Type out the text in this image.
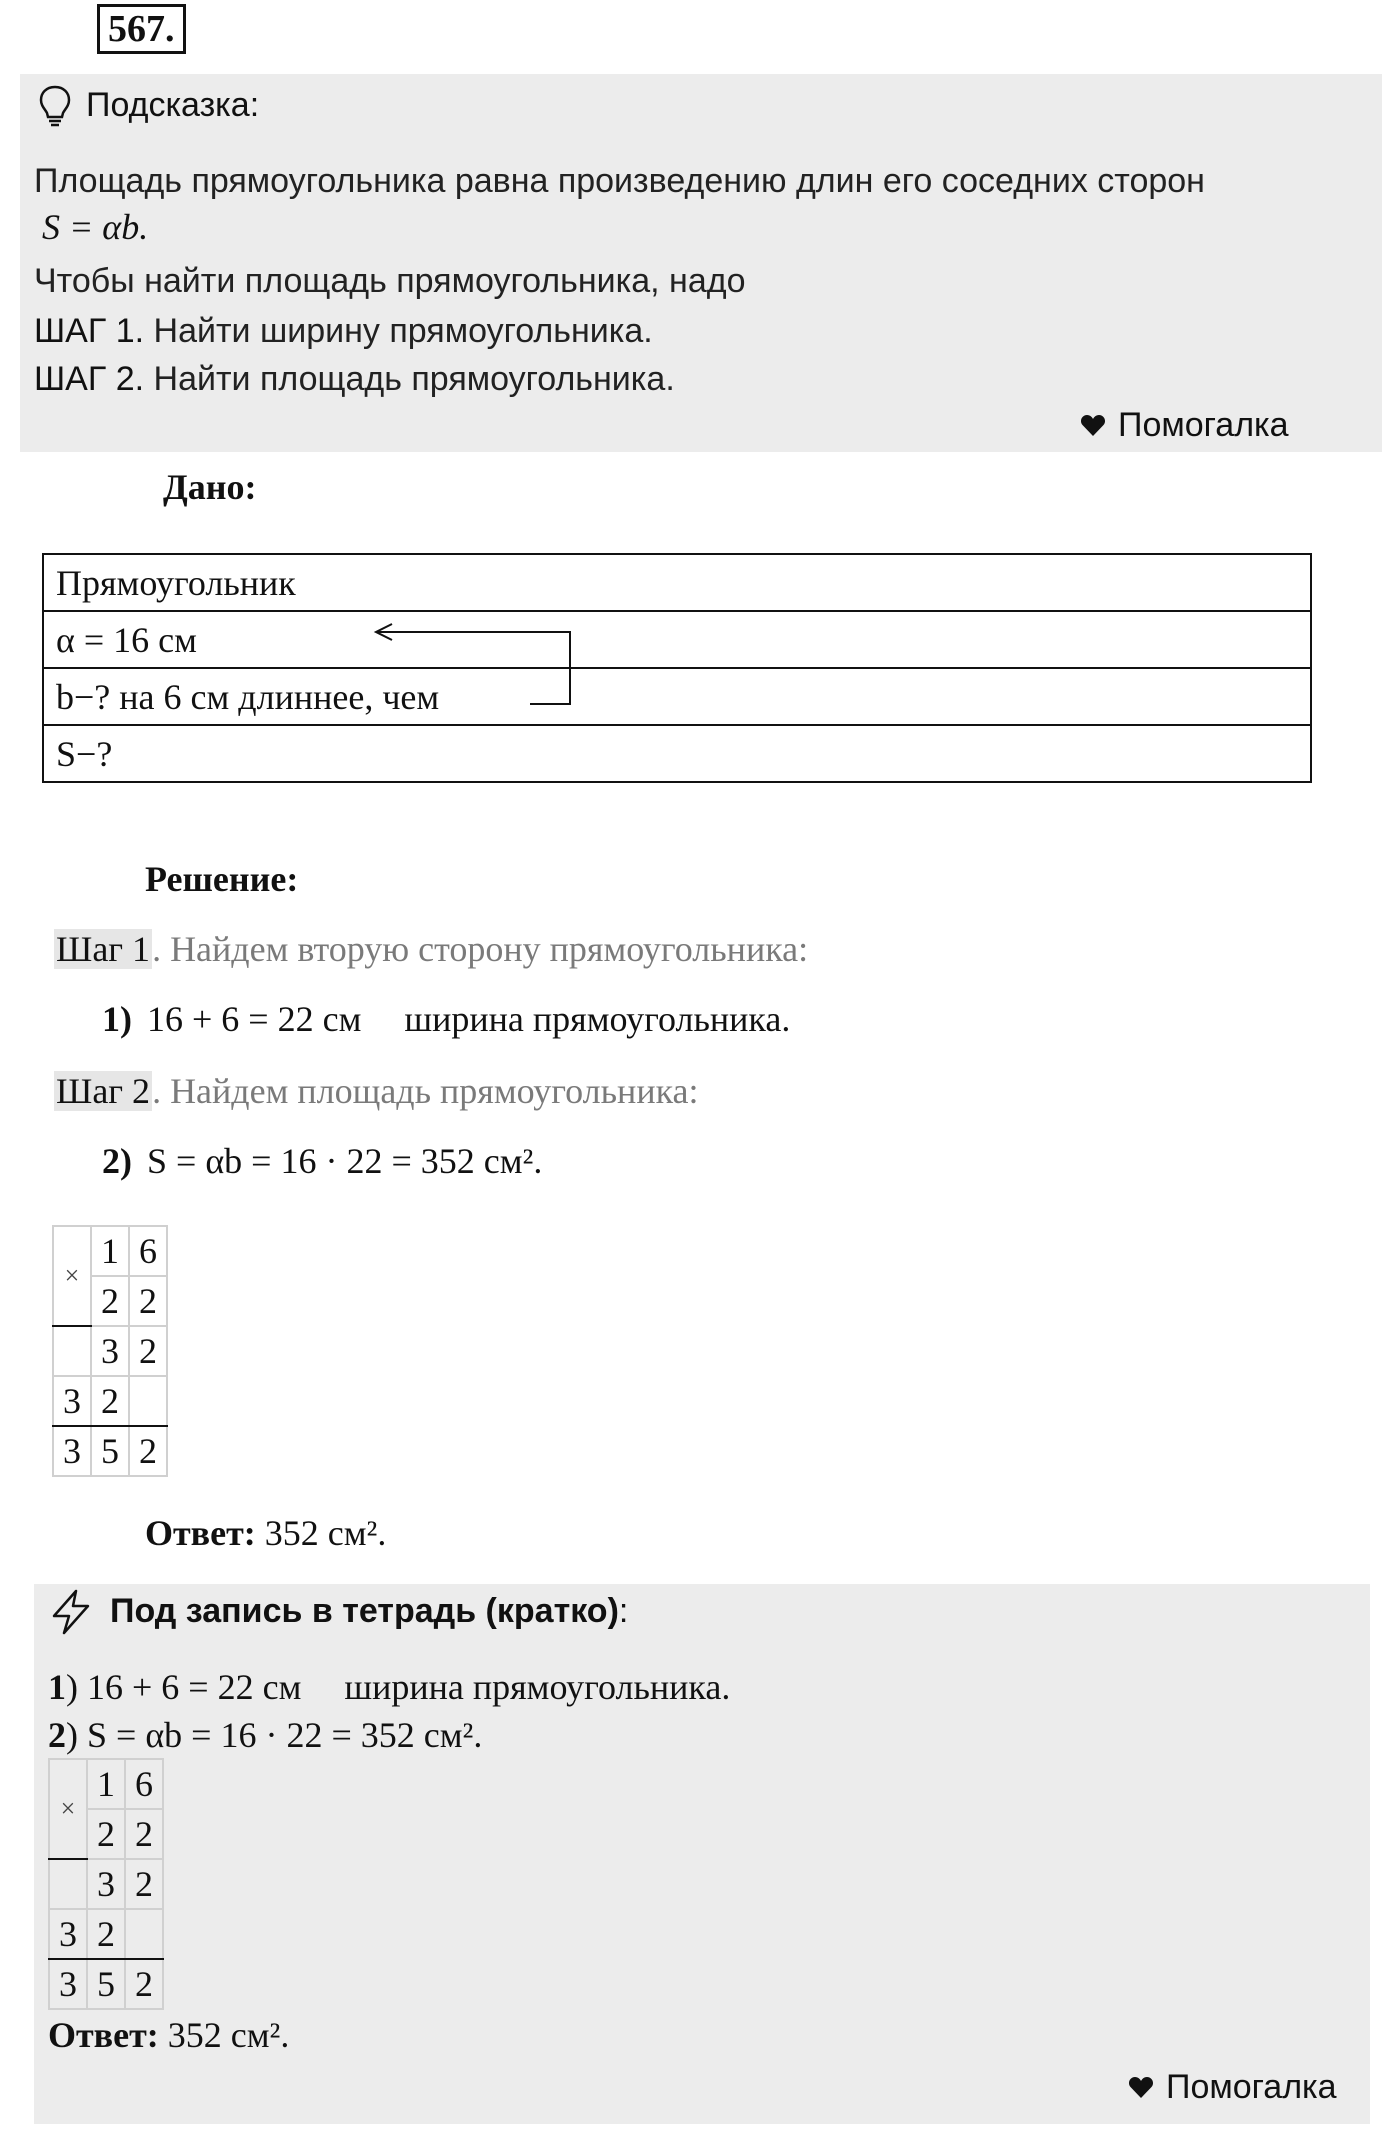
567.
Подсказка:
Площадь прямоугольника равна произведению длин его соседних сторон
S = αb.
Чтобы найти площадь прямоугольника, надо
ШАГ 1. Найти ширину прямоугольника.
ШАГ 2. Найти площадь прямоугольника.
Помогалка
Дано:
Прямоугольник
α = 16 см
b−? на 6 см длиннее, чем
S−?
Решение:
Шаг 1. Найдем вторую сторону прямоугольника:
1) 16 + 6 = 22 см ширина прямоугольника.
Шаг 2. Найдем площадь прямоугольника:
2) S = αb = 16 · 22 = 352 см².
×	1	6
	2	2
	3	2
3	2	
3	5	2
Ответ: 352 см².
Под запись в тетрадь (кратко):
1) 16 + 6 = 22 см ширина прямоугольника.
2) S = αb = 16 · 22 = 352 см².
×	1	6
	2	2
	3	2
3	2	
3	5	2
Ответ: 352 см².
Помогалка
